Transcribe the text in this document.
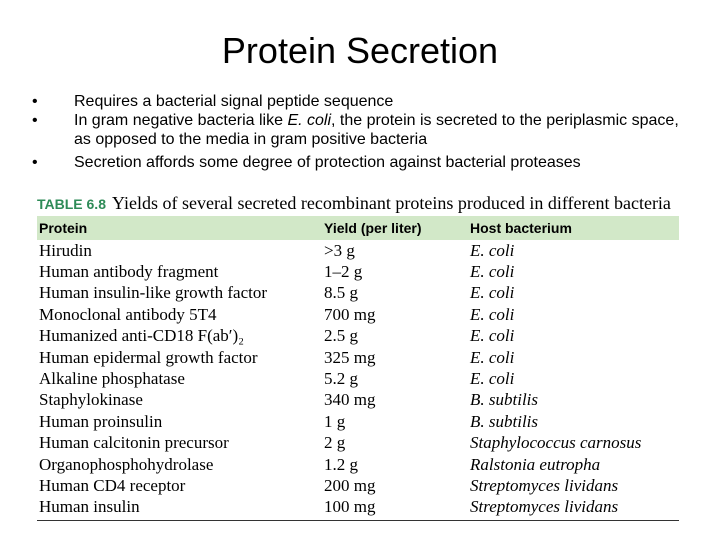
Protein Secretion
•	Requires a bacterial signal peptide sequence
•	In gram negative bacteria like E. coli, the protein is secreted to the periplasmic space, as opposed to the media in gram positive bacteria
•	Secretion affords some degree of protection against bacterial proteases
TABLE 6.8 Yields of several secreted recombinant proteins produced in different bacteria
Protein	Yield (per liter)	Host bacterium
Hirudin	>3 g	E. coli
Human antibody fragment	1–2 g	E. coli
Human insulin-like growth factor	8.5 g	E. coli
Monoclonal antibody 5T4	700 mg	E. coli
Humanized anti-CD18 F(ab′)₂	2.5 g	E. coli
Human epidermal growth factor	325 mg	E. coli
Alkaline phosphatase	5.2 g	E. coli
Staphylokinase	340 mg	B. subtilis
Human proinsulin	1 g	B. subtilis
Human calcitonin precursor	2 g	Staphylococcus carnosus
Organophosphohydrolase	1.2 g	Ralstonia eutropha
Human CD4 receptor	200 mg	Streptomyces lividans
Human insulin	100 mg	Streptomyces lividans
